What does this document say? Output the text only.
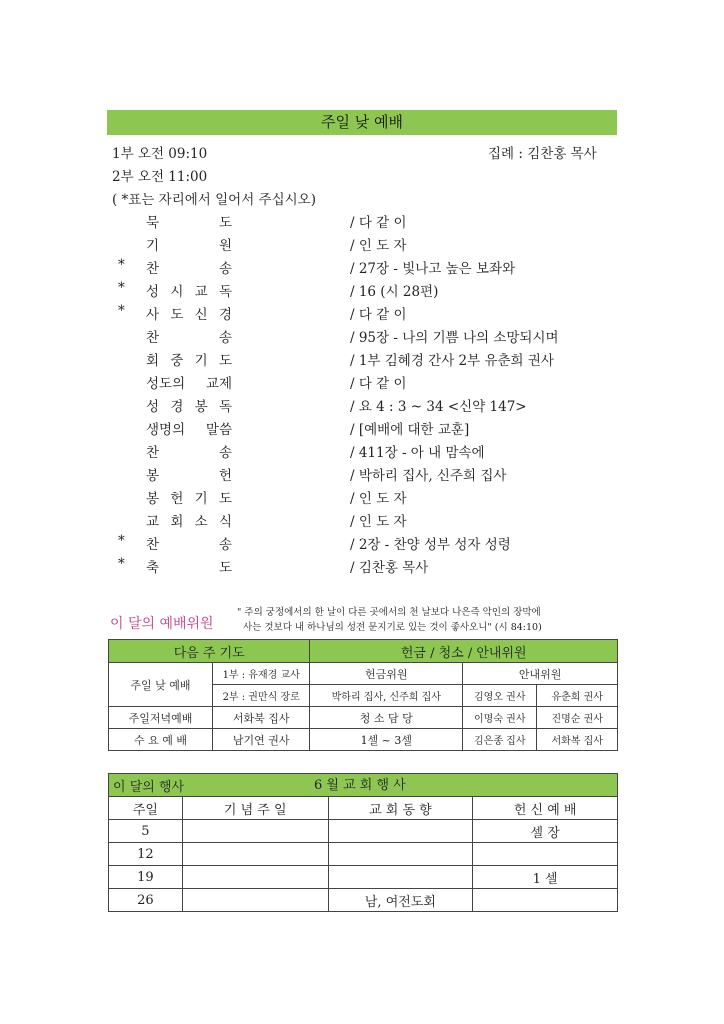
주일 낮 예배
1부 오전 09:10
2부 오전 11:00
집례 : 김찬홍 목사
( *표는 자리에서 일어서 주십시오)
묵 도	/ 다 같 이
기 원	/ 인 도 자
* 찬 송	/ 27장 - 빛나고 높은 보좌와
* 성 시 교 독	/ 16 (시 28편)
* 사 도 신 경	/ 다 같 이
찬 송	/ 95장 - 나의 기쁨 나의 소망되시며
회 중 기 도	/ 1부 김혜경 간사 2부 유춘희 권사
성도의 교제	/ 다 같 이
성 경 봉 독	/ 요 4 : 3 ~ 34 <신약 147>
생명의 말씀	/ [예배에 대한 교훈]
찬 송	/ 411장 - 아 내 맘속에
봉 헌	/ 박하리 집사, 신주희 집사
봉 헌 기 도	/ 인 도 자
교 회 소 식	/ 인 도 자
* 찬 송	/ 2장 - 찬양 성부 성자 성령
* 축 도	/ 김찬홍 목사
이 달의 예배위원
" 주의 궁정에서의 한 날이 다른 곳에서의 천 날보다 나은즉 악인의 장막에
사는 것보다 내 하나님의 성전 문지기로 있는 것이 좋사오니" (시 84:10)
다음 주 기도		헌금 / 청소 / 안내위원		
주일 낮 예배	1부 : 유재경 교사	헌금위원	안내위원	
	2부 : 권만식 장로	박하리 집사, 신주희 집사	김영오 권사	유춘희 권사
주일저녁예배	서화북 집사	청 소 담 당	이명숙 권사	진명순 권사
수 요 예 배	남기연 권사	1셀 ~ 3셀	김은종 집사	서화복 집사
이 달의 행사 6 월 교 회 행 사			

주일	기 념 주 일	교 회 동 향	헌 신 예 배
5			셀 장
12			
19			1 셀
26		남, 여전도회	
